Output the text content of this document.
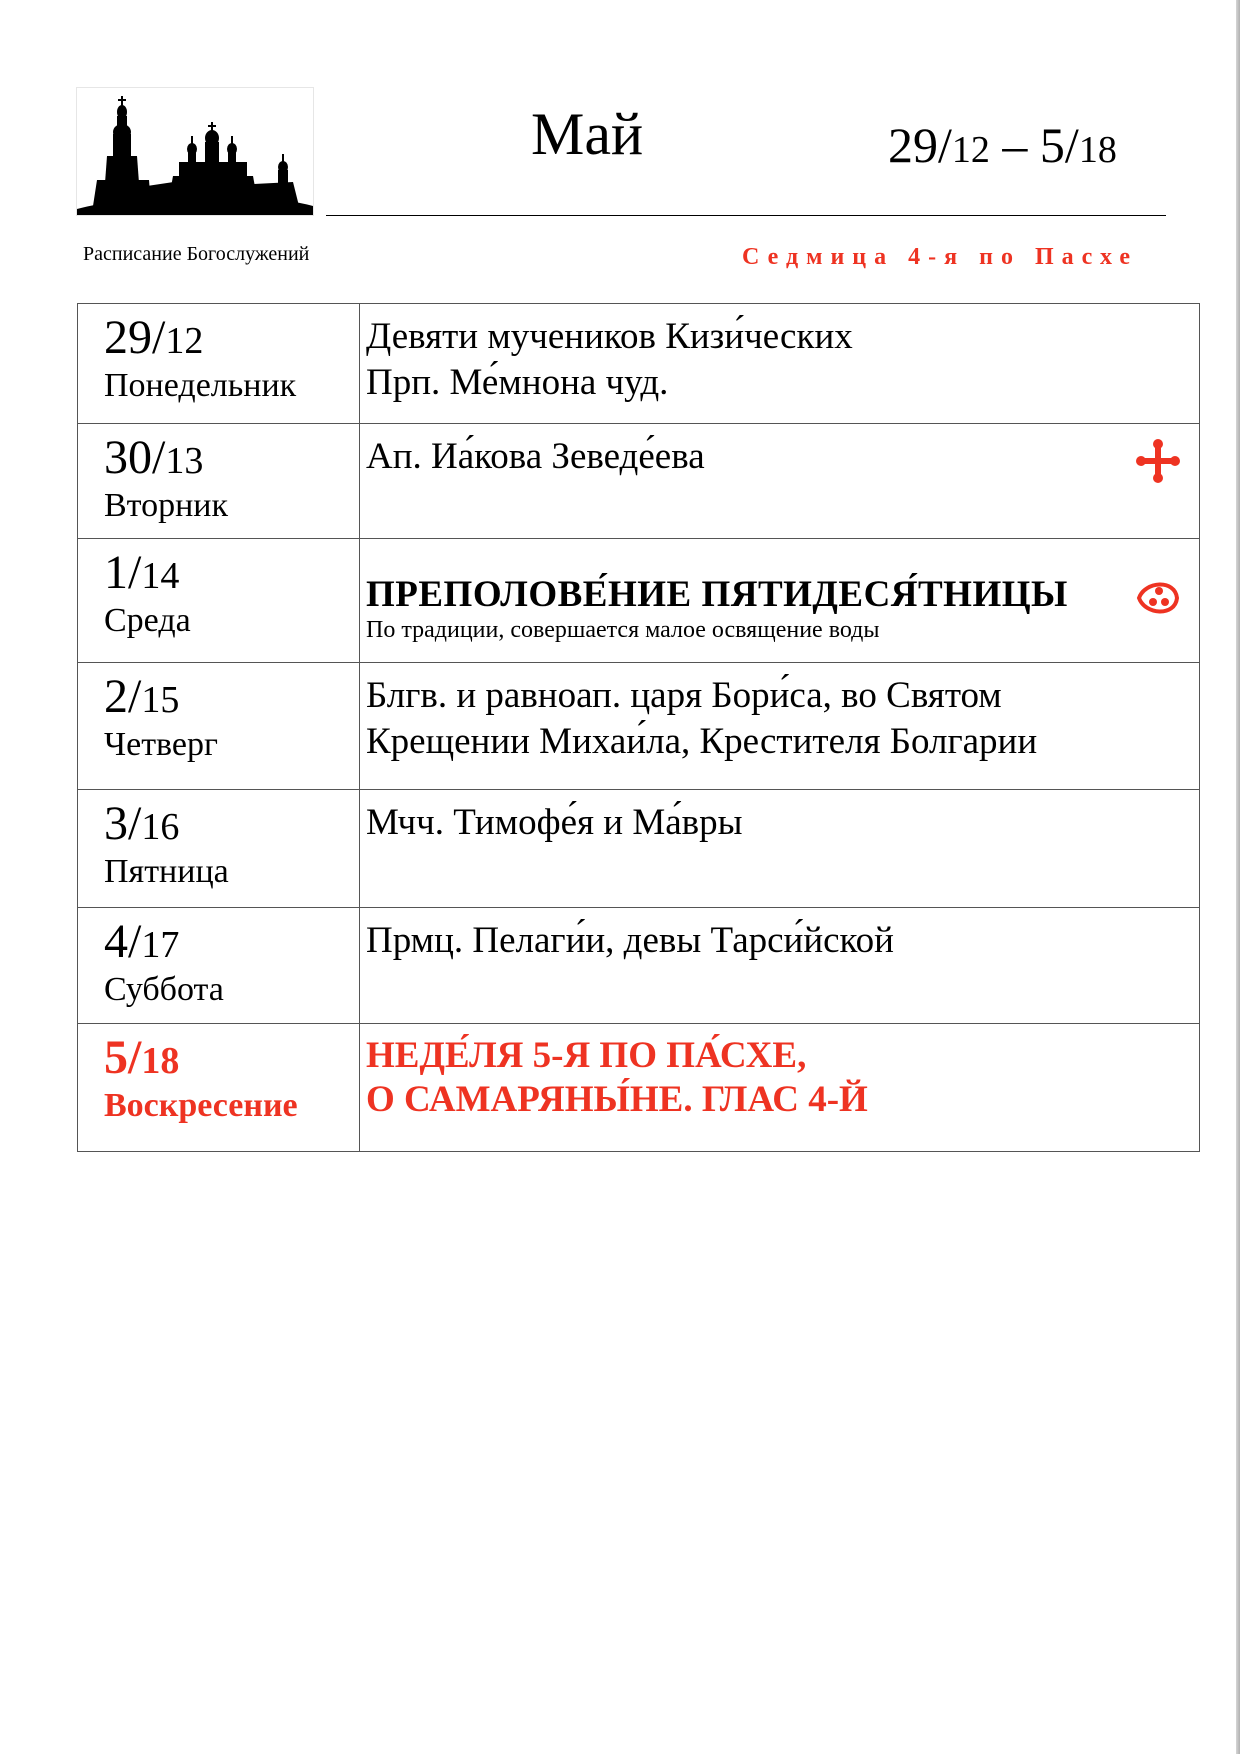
Май	29/12 – 5/18
Расписание Богослужений	Седмица 4-я по Пасхе
29/12
Понедельник	Девяти мучеников Кизи́ческих
Прп. Ме́мнона чуд.

30/13
Вторник	Ап. Иа́кова Зеведе́ева

1/14
Среда	ПРЕПОЛОВЕ́НИЕ ПЯТИДЕСЯ́ТНИЦЫ
По традиции, совершается малое освящение воды

2/15
Четверг	Блгв. и равноап. царя Бори́са, во Святом
Крещении Михаи́ла, Крестителя Болгарии

3/16
Пятница	Мчч. Тимофе́я и Ма́вры

4/17
Суббота	Прмц. Пелаги́и, девы Тарси́йской

5/18
Воскресение	НЕДЕ́ЛЯ 5-Я ПО ПА́СХЕ,
О САМАРЯНЫ́НЕ. ГЛАС 4-Й
